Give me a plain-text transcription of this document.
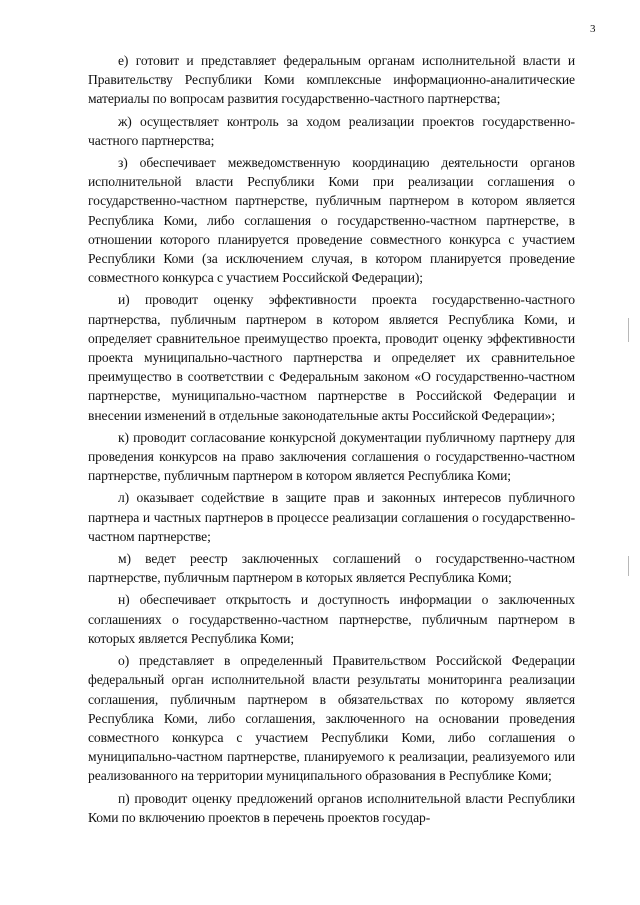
3

е) готовит и представляет федеральным органам исполнительной власти и Правительству Республики Коми комплексные информационно-аналитические материалы по вопросам развития государственно-частного партнерства;

ж) осуществляет контроль за ходом реализации проектов государственно-частного партнерства;

з) обеспечивает межведомственную координацию деятельности органов исполнительной власти Республики Коми при реализации соглашения о государственно-частном партнерстве, публичным партнером в котором является Республика Коми, либо соглашения о государственно-частном партнерстве, в отношении которого планируется проведение совместного конкурса с участием Республики Коми (за исключением случая, в котором планируется проведение совместного конкурса с участием Российской Федерации);

и) проводит оценку эффективности проекта государственно-частного партнерства, публичным партнером в котором является Республика Коми, и определяет сравнительное преимущество проекта, проводит оценку эффективности проекта муниципально-частного партнерства и определяет их сравнительное преимущество в соответствии с Федеральным законом «О государственно-частном партнерстве, муниципально-частном партнерстве в Российской Федерации и внесении изменений в отдельные законодательные акты Российской Федерации»;

к) проводит согласование конкурсной документации публичному партнеру для проведения конкурсов на право заключения соглашения о государственно-частном партнерстве, публичным партнером в котором является Республика Коми;

л) оказывает содействие в защите прав и законных интересов публичного партнера и частных партнеров в процессе реализации соглашения о государственно-частном партнерстве;

м) ведет реестр заключенных соглашений о государственно-частном партнерстве, публичным партнером в которых является Республика Коми;

н) обеспечивает открытость и доступность информации о заключенных соглашениях о государственно-частном партнерстве, публичным партнером в которых является Республика Коми;

о) представляет в определенный Правительством Российской Федерации федеральный орган исполнительной власти результаты мониторинга реализации соглашения, публичным партнером в обязательствах по которому является Республика Коми, либо соглашения, заключенного на основании проведения совместного конкурса с участием Республики Коми, либо соглашения о муниципально-частном партнерстве, планируемого к реализации, реализуемого или реализованного на территории муниципального образования в Республике Коми;

п) проводит оценку предложений органов исполнительной власти Республики Коми по включению проектов в перечень проектов государ-
